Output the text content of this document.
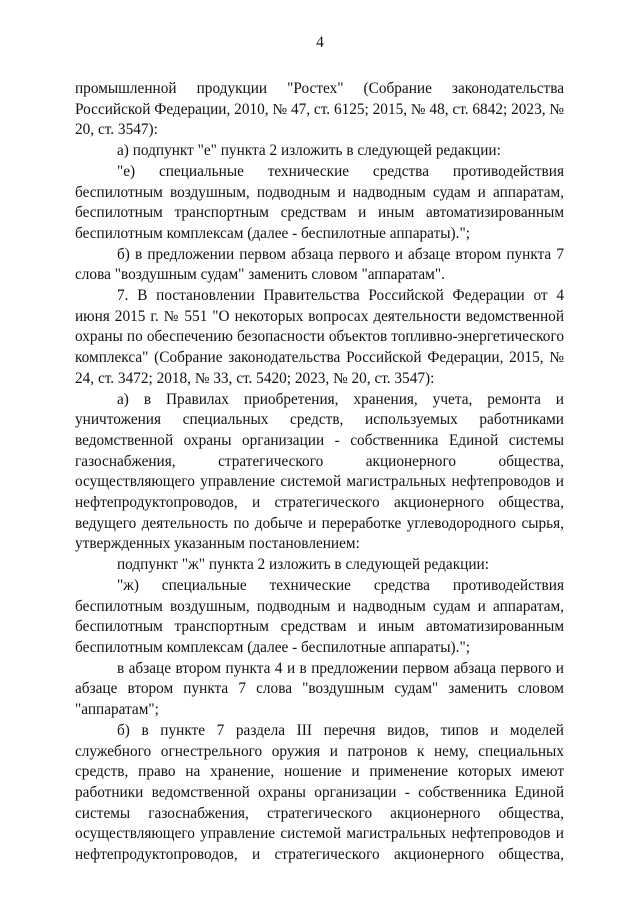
4

промышленной продукции "Ростех" (Собрание законодательства Российской Федерации, 2010, № 47, ст. 6125; 2015, № 48, ст. 6842; 2023, № 20, ст. 3547):

а) подпункт "е" пункта 2 изложить в следующей редакции:

"е) специальные технические средства противодействия беспилотным воздушным, подводным и надводным судам и аппаратам, беспилотным транспортным средствам и иным автоматизированным беспилотным комплексам (далее - беспилотные аппараты).";

б) в предложении первом абзаца первого и абзаце втором пункта 7 слова "воздушным судам" заменить словом "аппаратам".

7. В постановлении Правительства Российской Федерации от 4 июня 2015 г. № 551 "О некоторых вопросах деятельности ведомственной охраны по обеспечению безопасности объектов топливно-энергетического комплекса" (Собрание законодательства Российской Федерации, 2015, № 24, ст. 3472; 2018, № 33, ст. 5420; 2023, № 20, ст. 3547):

а) в Правилах приобретения, хранения, учета, ремонта и уничтожения специальных средств, используемых работниками ведомственной охраны организации - собственника Единой системы газоснабжения, стратегического акционерного общества, осуществляющего управление системой магистральных нефтепроводов и нефтепродуктопроводов, и стратегического акционерного общества, ведущего деятельность по добыче и переработке углеводородного сырья, утвержденных указанным постановлением:

подпункт "ж" пункта 2 изложить в следующей редакции:

"ж) специальные технические средства противодействия беспилотным воздушным, подводным и надводным судам и аппаратам, беспилотным транспортным средствам и иным автоматизированным беспилотным комплексам (далее - беспилотные аппараты).";

в абзаце втором пункта 4 и в предложении первом абзаца первого и абзаце втором пункта 7 слова "воздушным судам" заменить словом "аппаратам";

б) в пункте 7 раздела III перечня видов, типов и моделей служебного огнестрельного оружия и патронов к нему, специальных средств, право на хранение, ношение и применение которых имеют работники ведомственной охраны организации - собственника Единой системы газоснабжения, стратегического акционерного общества, осуществляющего управление системой магистральных нефтепроводов и нефтепродуктопроводов, и стратегического акционерного общества,
